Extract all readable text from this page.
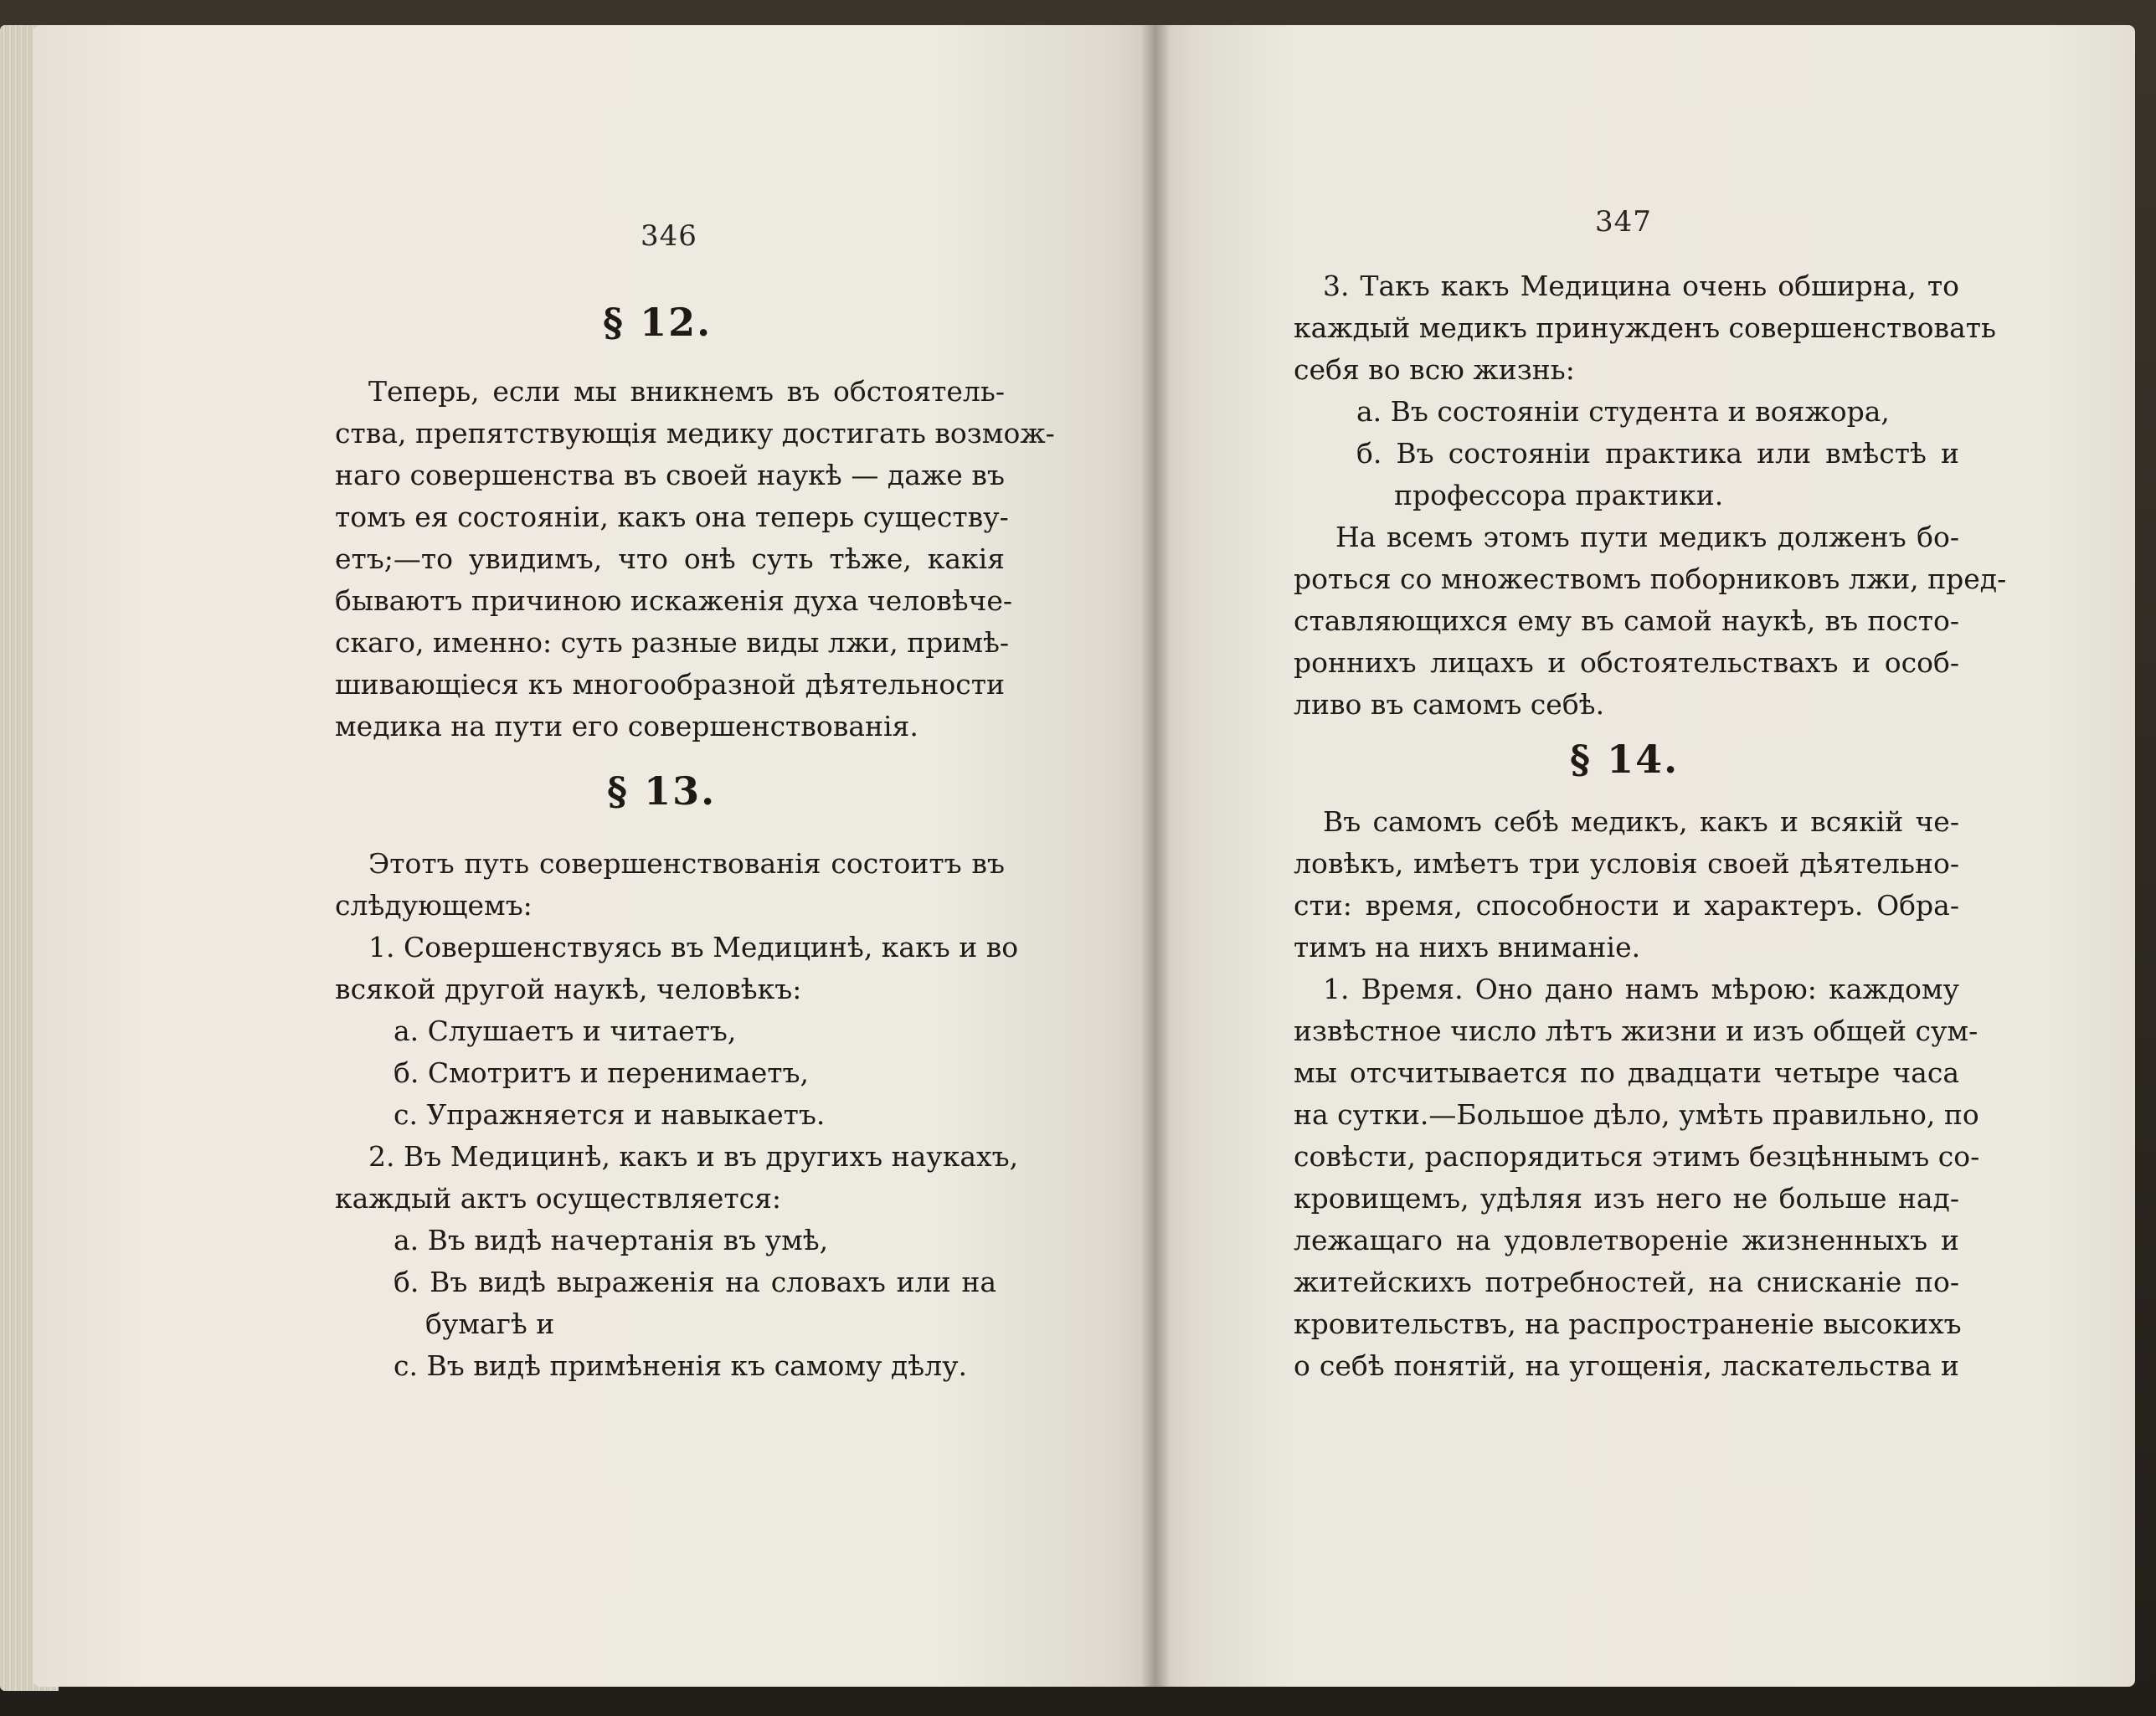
346
§ 12.
Теперь, если мы вникнемъ въ обстоятель-
ства, препятствующія медику достигать возмож-
наго совершенства въ своей наукѣ — даже въ
томъ ея состояніи, какъ она теперь существу-
етъ;—то увидимъ, что онѣ суть тѣже, какія
бываютъ причиною искаженія духа человѣче-
скаго, именно: суть разные виды лжи, примѣ-
шивающіеся къ многообразной дѣятельности
медика на пути его совершенствованія.
§ 13.
Этотъ путь совершенствованія состоитъ въ
слѣдующемъ:
1. Совершенствуясь въ Медицинѣ, какъ и во
всякой другой наукѣ, человѣкъ:
а. Слушаетъ и читаетъ,
б. Смотритъ и перенимаетъ,
c. Упражняется и навыкаетъ.
2. Въ Медицинѣ, какъ и въ другихъ наукахъ,
каждый актъ осуществляется:
а. Въ видѣ начертанія въ умѣ,
б. Въ видѣ выраженія на словахъ или на
бумагѣ и
c. Въ видѣ примѣненія къ самому дѣлу.
347
3. Такъ какъ Медицина очень обширна, то
каждый медикъ принужденъ совершенствовать
себя во всю жизнь:
а. Въ состояніи студента и вояжора,
б. Въ состояніи практика или вмѣстѣ и
профессора практики.
На всемъ этомъ пути медикъ долженъ бо-
роться со множествомъ поборниковъ лжи, пред-
ставляющихся ему въ самой наукѣ, въ посто-
роннихъ лицахъ и обстоятельствахъ и особ-
ливо въ самомъ себѣ.
§ 14.
Въ самомъ себѣ медикъ, какъ и всякій че-
ловѣкъ, имѣетъ три условія своей дѣятельно-
сти: время, способности и характеръ. Обра-
тимъ на нихъ вниманіе.
1. Время. Оно дано намъ мѣрою: каждому
извѣстное число лѣтъ жизни и изъ общей сум-
мы отсчитывается по двадцати четыре часа
на сутки.—Большое дѣло, умѣть правильно, по
совѣсти, распорядиться этимъ безцѣннымъ со-
кровищемъ, удѣляя изъ него не больше над-
лежащаго на удовлетвореніе жизненныхъ и
житейскихъ потребностей, на снисканіе по-
кровительствъ, на распространеніе высокихъ
о себѣ понятій, на угощенія, ласкательства и
